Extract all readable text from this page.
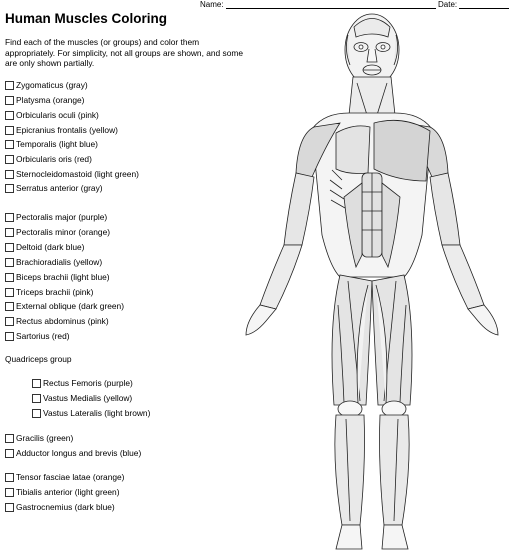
Name:	Date:
Human Muscles Coloring
Find each of the muscles (or groups) and color them appropriately. For simplicity, not all groups are shown, and some are only shown partially.
Zygomaticus (gray)
Platysma (orange)
Orbicularis oculi (pink)
Epicranius frontalis (yellow)
Temporalis (light blue)
Orbicularis oris (red)
Sternocleidomastoid (light green)
Serratus anterior (gray)
Pectoralis major (purple)
Pectoralis minor (orange)
Deltoid (dark blue)
Brachioradialis (yellow)
Biceps brachii (light blue)
Triceps brachii (pink)
External oblique (dark green)
Rectus abdominus (pink)
Sartorius (red)
Quadriceps group
Rectus Femoris (purple)
Vastus Medialis (yellow)
Vastus Lateralis (light brown)
Gracilis (green)
Adductor longus and brevis (blue)
Tensor fasciae latae (orange)
Tibialis anterior (light green)
Gastrocnemius (dark blue)
